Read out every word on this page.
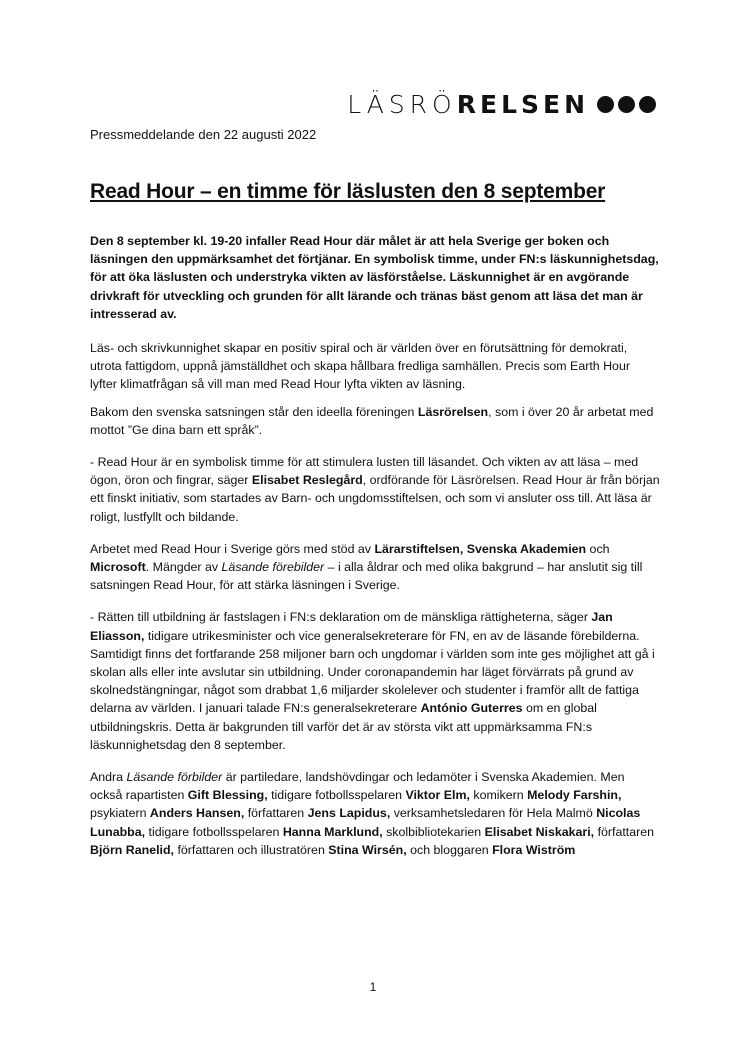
LÄSRÖ RELSEN
Pressmeddelande den 22 augusti 2022
Read Hour – en timme för läslusten den 8 september

Den 8 september kl. 19-20 infaller Read Hour där målet är att hela Sverige ger boken och läsningen den uppmärksamhet det förtjänar. En symbolisk timme, under FN:s läskunnighetsdag, för att öka läslusten och understryka vikten av läsförståelse. Läskunnighet är en avgörande drivkraft för utveckling och grunden för allt lärande och tränas bäst genom att läsa det man är intresserad av.

Läs- och skrivkunnighet skapar en positiv spiral och är världen över en förutsättning för demokrati, utrota fattigdom, uppnå jämställdhet och skapa hållbara fredliga samhällen. Precis som Earth Hour lyfter klimatfrågan så vill man med Read Hour lyfta vikten av läsning.

Bakom den svenska satsningen står den ideella föreningen Läsrörelsen, som i över 20 år arbetat med mottot ”Ge dina barn ett språk”.

- Read Hour är en symbolisk timme för att stimulera lusten till läsandet. Och vikten av att läsa – med ögon, öron och fingrar, säger Elisabet Reslegård, ordförande för Läsrörelsen. Read Hour är från början ett finskt initiativ, som startades av Barn- och ungdomsstiftelsen, och som vi ansluter oss till. Att läsa är roligt, lustfyllt och bildande.

Arbetet med Read Hour i Sverige görs med stöd av Lärarstiftelsen, Svenska Akademien och Microsoft. Mängder av Läsande förebilder – i alla åldrar och med olika bakgrund – har anslutit sig till satsningen Read Hour, för att stärka läsningen i Sverige.

- Rätten till utbildning är fastslagen i FN:s deklaration om de mänskliga rättigheterna, säger Jan Eliasson, tidigare utrikesminister och vice generalsekreterare för FN, en av de läsande förebilderna. Samtidigt finns det fortfarande 258 miljoner barn och ungdomar i världen som inte ges möjlighet att gå i skolan alls eller inte avslutar sin utbildning. Under coronapandemin har läget förvärrats på grund av skolnedstängningar, något som drabbat 1,6 miljarder skolelever och studenter i framför allt de fattiga delarna av världen. I januari talade FN:s generalsekreterare António Guterres om en global utbildningskris. Detta är bakgrunden till varför det är av största vikt att uppmärksamma FN:s läskunnighetsdag den 8 september.

Andra Läsande förbilder är partiledare, landshövdingar och ledamöter i Svenska Akademien. Men också rapartisten Gift Blessing, tidigare fotbollsspelaren Viktor Elm, komikern Melody Farshin, psykiatern Anders Hansen, författaren Jens Lapidus, verksamhetsledaren för Hela Malmö Nicolas Lunabba, tidigare fotbollsspelaren Hanna Marklund, skolbibliotekarien Elisabet Niskakari, författaren Björn Ranelid, författaren och illustratören Stina Wirsén, och bloggaren Flora Wiström

1
